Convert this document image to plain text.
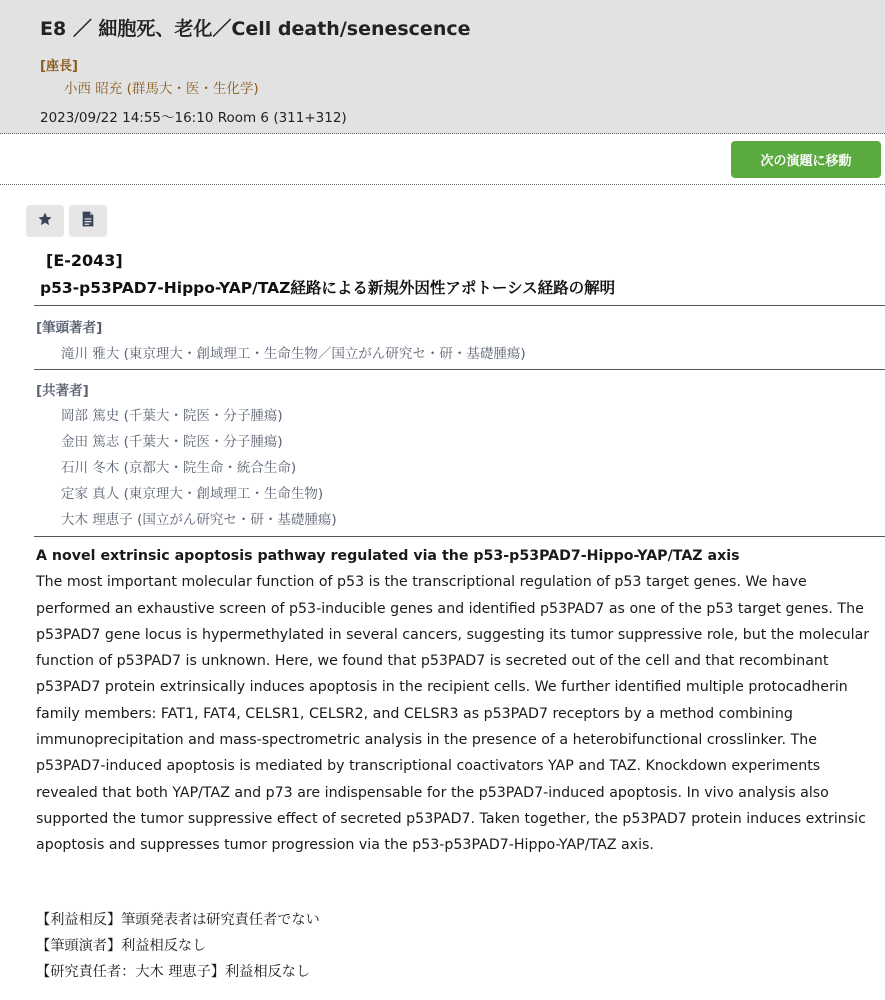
E8 ／ 細胞死、老化／Cell death/senescence
[座長]
小西 昭充 (群馬大・医・生化学)
2023/09/22 14:55〜16:10 Room 6 (311+312)
次の演題に移動
[E-2043]
p53-p53PAD7-Hippo-YAP/TAZ経路による新規外因性アポトーシス経路の解明
[筆頭著者]
滝川 雅大 (東京理大・創域理工・生命生物／国立がん研究セ・研・基礎腫瘍)
[共著者]
岡部 篤史 (千葉大・院医・分子腫瘍)
金田 篤志 (千葉大・院医・分子腫瘍)
石川 冬木 (京都大・院生命・統合生命)
定家 真人 (東京理大・創域理工・生命生物)
大木 理恵子 (国立がん研究セ・研・基礎腫瘍)
A novel extrinsic apoptosis pathway regulated via the p53-p53PAD7-Hippo-YAP/TAZ axis
The most important molecular function of p53 is the transcriptional regulation of p53 target genes. We have performed an exhaustive screen of p53-inducible genes and identified p53PAD7 as one of the p53 target genes. The p53PAD7 gene locus is hypermethylated in several cancers, suggesting its tumor suppressive role, but the molecular function of p53PAD7 is unknown. Here, we found that p53PAD7 is secreted out of the cell and that recombinant p53PAD7 protein extrinsically induces apoptosis in the recipient cells. We further identified multiple protocadherin family members: FAT1, FAT4, CELSR1, CELSR2, and CELSR3 as p53PAD7 receptors by a method combining immunoprecipitation and mass-spectrometric analysis in the presence of a heterobifunctional crosslinker. The p53PAD7-induced apoptosis is mediated by transcriptional coactivators YAP and TAZ. Knockdown experiments revealed that both YAP/TAZ and p73 are indispensable for the p53PAD7-induced apoptosis. In vivo analysis also supported the tumor suppressive effect of secreted p53PAD7. Taken together, the p53PAD7 protein induces extrinsic apoptosis and suppresses tumor progression via the p53-p53PAD7-Hippo-YAP/TAZ axis.
【利益相反】筆頭発表者は研究責任者でない
【筆頭演者】利益相反なし
【研究責任者：大木 理恵子】利益相反なし
